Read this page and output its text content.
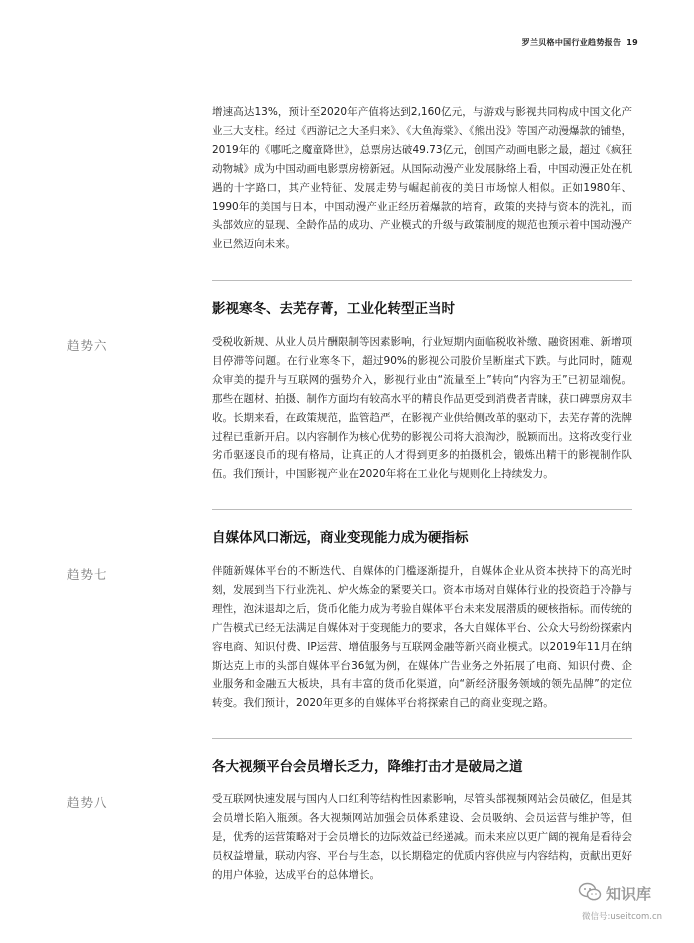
罗兰贝格中国行业趋势报告 19

增速高达13%，预计至2020年产值将达到2,160亿元，与游戏与影视共同构成中国文化产业三大支柱。经过《西游记之大圣归来》、《大鱼海棠》、《熊出没》等国产动漫爆款的铺垫，2019年的《哪吒之魔童降世》，总票房达破49.73亿元，创国产动画电影之最，超过《疯狂动物城》成为中国动画电影票房榜新冠。从国际动漫产业发展脉络上看，中国动漫正处在机遇的十字路口，其产业特征、发展走势与崛起前夜的美日市场惊人相似。正如1980年、1990年的美国与日本，中国动漫产业正经历着爆款的培育，政策的夹持与资本的洗礼，而头部效应的显现、全龄作品的成功、产业模式的升级与政策制度的规范也预示着中国动漫产业已然迈向未来。

影视寒冬、去芜存菁，工业化转型正当时
趋势六	受税收新规、从业人员片酬限制等因素影响，行业短期内面临税收补缴、融资困难、新增项目停滞等问题。在行业寒冬下，超过90%的影视公司股价呈断崖式下跌。与此同时，随观众审美的提升与互联网的强势介入，影视行业由“流量至上”转向“内容为王”已初显端倪。那些在题材、拍摄、制作方面均有较高水平的精良作品更受到消费者青睐，获口碑票房双丰收。长期来看，在政策规范，监管趋严，在影视产业供给侧改革的驱动下，去芜存菁的洗牌过程已重新开启。以内容制作为核心优势的影视公司将大浪淘沙，脱颖而出。这将改变行业劣币驱逐良币的现有格局，让真正的人才得到更多的拍摄机会，锻炼出精干的影视制作队伍。我们预计，中国影视产业在2020年将在工业化与规则化上持续发力。

自媒体风口渐远，商业变现能力成为硬指标
趋势七	伴随新媒体平台的不断迭代、自媒体的门槛逐渐提升，自媒体企业从资本挟持下的高光时刻，发展到当下行业洗礼、炉火炼金的紧要关口。资本市场对自媒体行业的投资趋于冷静与理性，泡沫退却之后，货币化能力成为考验自媒体平台未来发展潜质的硬核指标。而传统的广告模式已经无法满足自媒体对于变现能力的要求，各大自媒体平台、公众大号纷纷探索内容电商、知识付费、IP运营、增值服务与互联网金融等新兴商业模式。以2019年11月在纳斯达克上市的头部自媒体平台36氪为例，在媒体广告业务之外拓展了电商、知识付费、企业服务和金融五大板块，具有丰富的货币化渠道，向“新经济服务领域的领先品牌”的定位转变。我们预计，2020年更多的自媒体平台将探索自己的商业变现之路。

各大视频平台会员增长乏力，降维打击才是破局之道
趋势八	受互联网快速发展与国内人口红利等结构性因素影响，尽管头部视频网站会员破亿，但是其会员增长陷入瓶颈。各大视频网站加强会员体系建设、会员吸纳、会员运营与维护等，但是，优秀的运营策略对于会员增长的边际效益已经递减。而未来应以更广阔的视角是看待会员权益增量，联动内容、平台与生态，以长期稳定的优质内容供应与内容结构，贡献出更好的用户体验，达成平台的总体增长。

知识库
微信号:useitcom.cn
